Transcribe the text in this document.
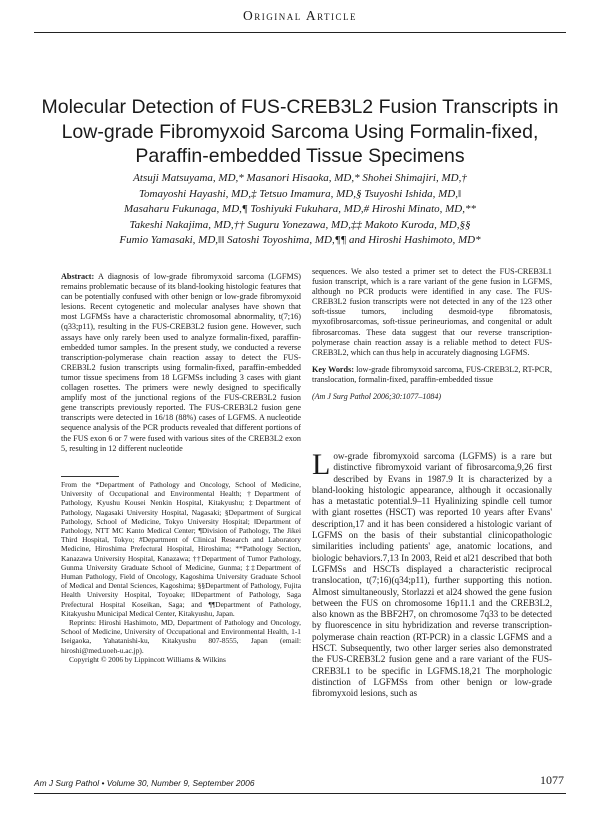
Original Article
Molecular Detection of FUS-CREB3L2 Fusion Transcripts in
Low-grade Fibromyxoid Sarcoma Using Formalin-fixed,
Paraffin-embedded Tissue Specimens
Atsuji Matsuyama, MD,* Masanori Hisaoka, MD,* Shohei Shimajiri, MD,†
Tomayoshi Hayashi, MD,‡ Tetsuo Imamura, MD,§ Tsuyoshi Ishida, MD,‖
Masaharu Fukunaga, MD,¶ Toshiyuki Fukuhara, MD,# Hiroshi Minato, MD,**
Takeshi Nakajima, MD,†† Suguru Yonezawa, MD,‡‡ Makoto Kuroda, MD,§§
Fumio Yamasaki, MD,‖‖ Satoshi Toyoshima, MD,¶¶ and Hiroshi Hashimoto, MD*
Abstract: A diagnosis of low-grade fibromyxoid sarcoma (LGFMS) remains problematic because of its bland-looking histologic features that can be potentially confused with other benign or low-grade fibromyxoid lesions. Recent cytogenetic and molecular analyses have shown that most LGFMSs have a characteristic chromosomal abnormality, t(7;16)(q33;p11), resulting in the FUS-CREB3L2 fusion gene. However, such assays have only rarely been used to analyze formalin-fixed, paraffin-embedded tumor samples. In the present study, we conducted a reverse transcription-polymerase chain reaction assay to detect the FUS-CREB3L2 fusion transcripts using formalin-fixed, paraffin-embedded tumor tissue specimens from 18 LGFMSs including 3 cases with giant collagen rosettes. The primers were newly designed to specifically amplify most of the junctional regions of the FUS-CREB3L2 fusion gene transcripts previously reported. The FUS-CREB3L2 fusion gene transcripts were detected in 16/18 (88%) cases of LGFMS. A nucleotide sequence analysis of the PCR products revealed that different portions of the FUS exon 6 or 7 were fused with various sites of the CREB3L2 exon 5, resulting in 12 different nucleotide

sequences. We also tested a primer set to detect the FUS-CREB3L1 fusion transcript, which is a rare variant of the gene fusion in LGFMS, although no PCR products were identified in any case. The FUS-CREB3L2 fusion transcripts were not detected in any of the 123 other soft-tissue tumors, including desmoid-type fibromatosis, myxofibrosarcomas, soft-tissue perineuriomas, and congenital or adult fibrosarcomas. These data suggest that our reverse transcription-polymerase chain reaction assay is a reliable method to detect FUS-CREB3L2, which can thus help in accurately diagnosing LGFMS.

Key Words: low-grade fibromyxoid sarcoma, FUS-CREB3L2, RT-PCR, translocation, formalin-fixed, paraffin-embedded tissue

(Am J Surg Pathol 2006;30:1077–1084)

From the *Department of Pathology and Oncology, School of Medicine, University of Occupational and Environmental Health; †Department of Pathology, Kyushu Kousei Nenkin Hospital, Kitakyushu; ‡Department of Pathology, Nagasaki University Hospital, Nagasaki; §Department of Surgical Pathology, School of Medicine, Tokyo University Hospital; ‖Department of Pathology, NTT MC Kanto Medical Center; ¶Division of Pathology, The Jikei Third Hospital, Tokyo; #Department of Clinical Research and Laboratory Medicine, Hiroshima Prefectural Hospital, Hiroshima; **Pathology Section, Kanazawa University Hospital, Kanazawa; ††Department of Tumor Pathology, Gunma University Graduate School of Medicine, Gunma; ‡‡Department of Human Pathology, Field of Oncology, Kagoshima University Graduate School of Medical and Dental Sciences, Kagoshima; §§Department of Pathology, Fujita Health University Hospital, Toyoake; ‖‖Department of Pathology, Saga Prefectural Hospital Koseikan, Saga; and ¶¶Department of Pathology, Kitakyushu Municipal Medical Center, Kitakyushu, Japan.

Reprints: Hiroshi Hashimoto, MD, Department of Pathology and Oncology, School of Medicine, University of Occupational and Environmental Health, 1-1 Iseigaoka, Yahatanishi-ku, Kitakyushu 807-8555, Japan (email: hiroshi@med.uoeh-u.ac.jp).

Copyright © 2006 by Lippincott Williams & Wilkins

Low-grade fibromyxoid sarcoma (LGFMS) is a rare but distinctive fibromyxoid variant of fibrosarcoma,9,26 first described by Evans in 1987.9 It is characterized by a bland-looking histologic appearance, although it occasionally has a metastatic potential.9–11 Hyalinizing spindle cell tumor with giant rosettes (HSCT) was reported 10 years after Evans' description,17 and it has been considered a histologic variant of LGFMS on the basis of their substantial clinicopathologic similarities including patients' age, anatomic locations, and biologic behaviors.7,13 In 2003, Reid et al21 described that both LGFMSs and HSCTs displayed a characteristic reciprocal translocation, t(7;16)(q34;p11), further supporting this notion. Almost simultaneously, Storlazzi et al24 showed the gene fusion between the FUS on chromosome 16p11.1 and the CREB3L2, also known as the BBF2H7, on chromosome 7q33 to be detected by fluorescence in situ hybridization and reverse transcription-polymerase chain reaction (RT-PCR) in a classic LGFMS and a HSCT. Subsequently, two other larger series also demonstrated the FUS-CREB3L2 fusion gene and a rare variant of the FUS-CREB3L1 to be specific in LGFMS.18,21 The morphologic distinction of LGFMSs from other benign or low-grade fibromyxoid lesions, such as
Am J Surg Pathol • Volume 30, Number 9, September 2006	1077
